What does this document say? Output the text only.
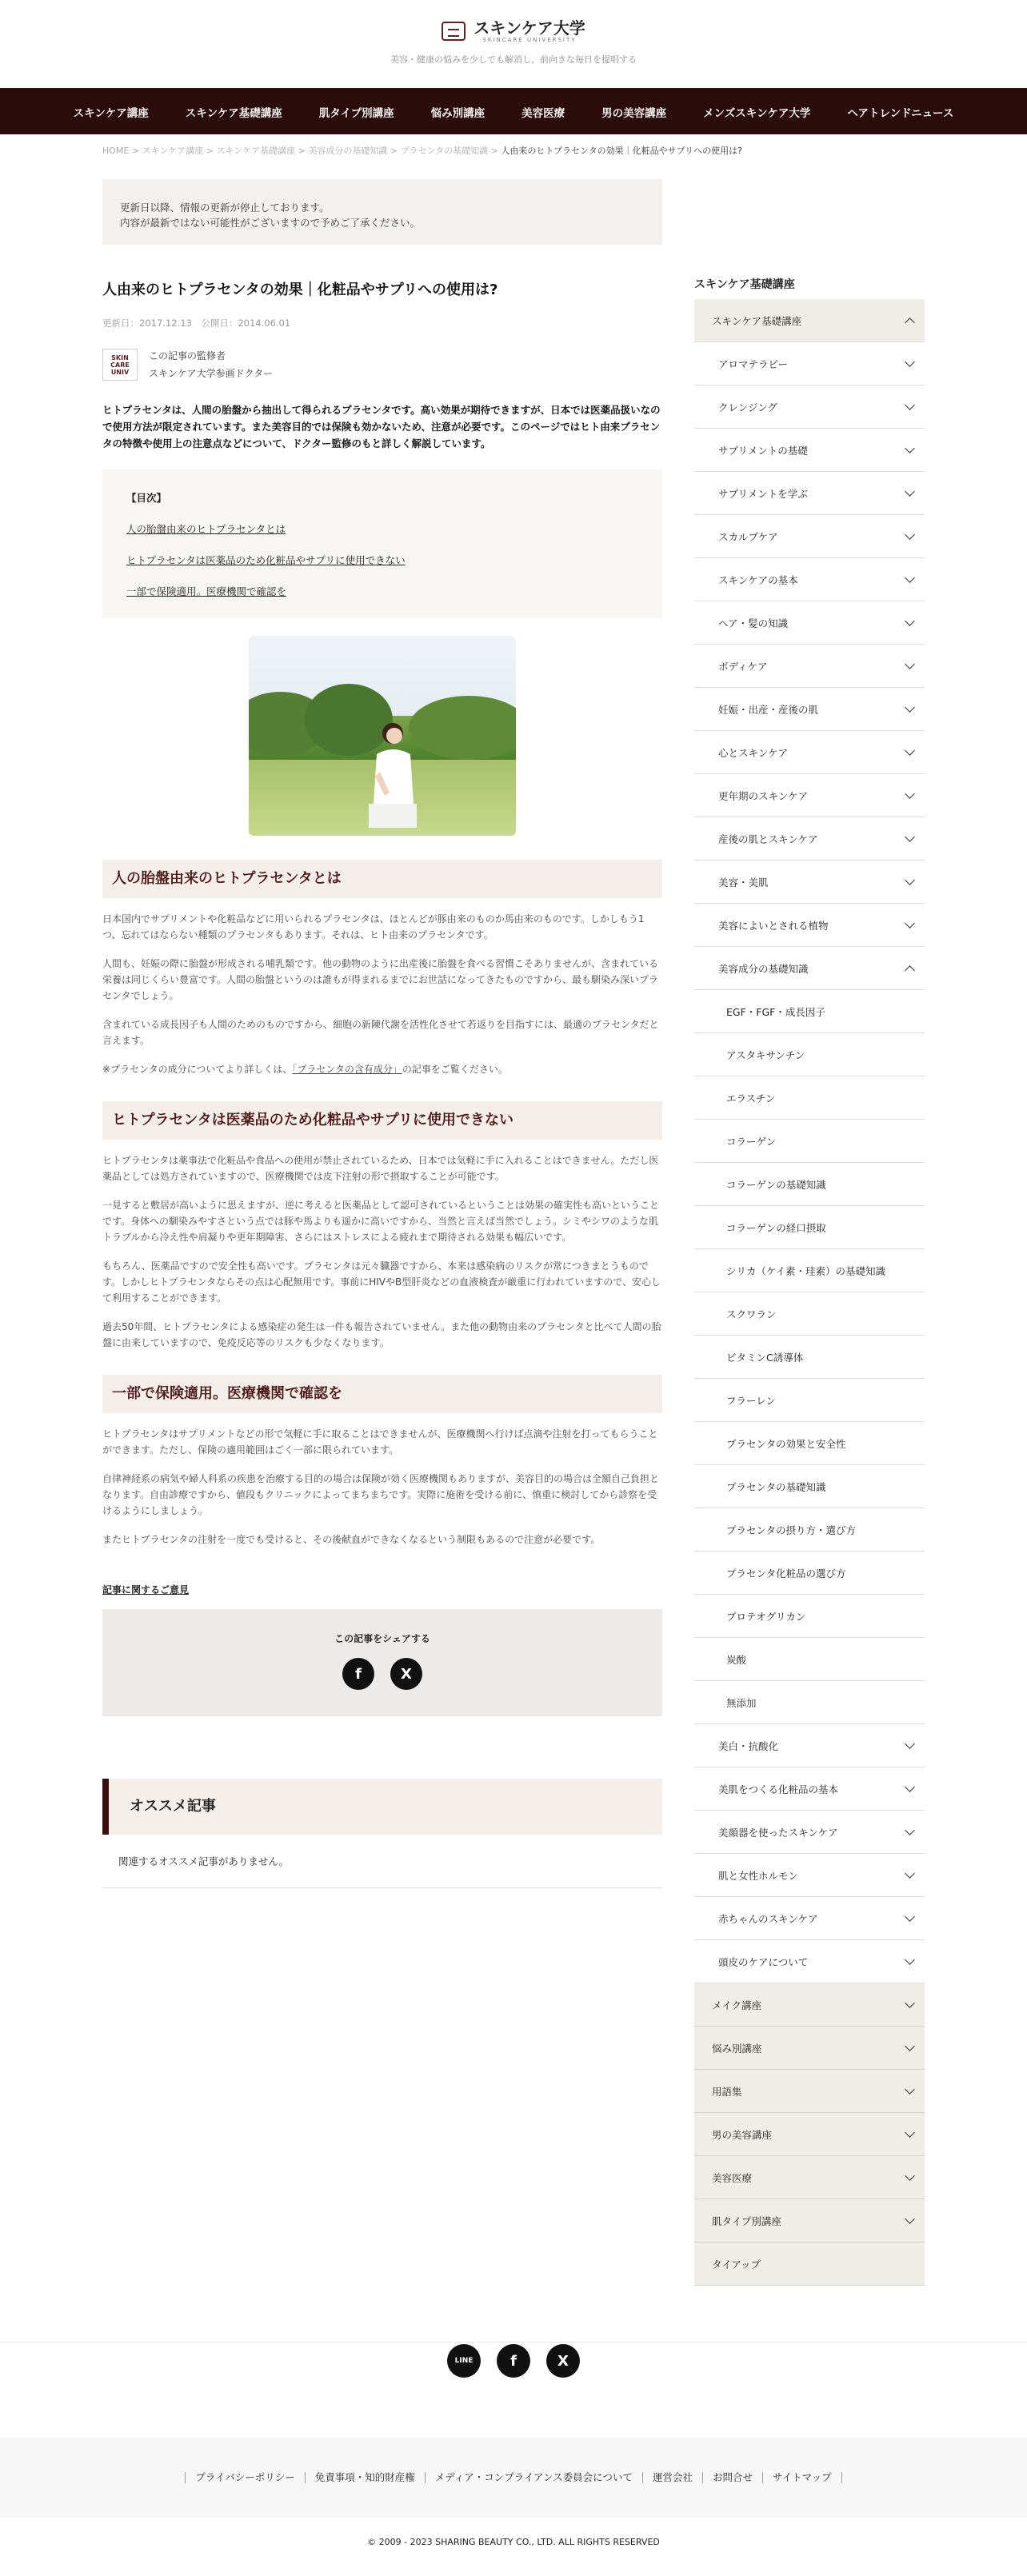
スキンケア大学
SKINCARE UNIVERSITY
美容・健康の悩みを少しでも解消し、前向きな毎日を提唱する
スキンケア講座	スキンケア基礎講座	肌タイプ別講座	悩み別講座	美容医療	男の美容講座	メンズスキンケア大学	ヘアトレンドニュース
HOME > スキンケア講座 > スキンケア基礎講座 > 美容成分の基礎知識 > プラセンタの基礎知識 > 人由来のヒトプラセンタの効果｜化粧品やサプリへの使用は?
更新日以降、情報の更新が停止しております。
内容が最新ではない可能性がございますので予めご了承ください。
人由来のヒトプラセンタの効果｜化粧品やサプリへの使用は?
更新日：2017.12.13　公開日：2014.06.01
SKIN CARE UNIV
この記事の監修者
スキンケア大学参画ドクター

ヒトプラセンタは、人間の胎盤から抽出して得られるプラセンタです。高い効果が期待できますが、日本では医薬品扱いなので使用方法が限定されています。また美容目的では保険も効かないため、注意が必要です。このページではヒト由来プラセンタの特徴や使用上の注意点などについて、ドクター監修のもと詳しく解説しています。

【目次】
人の胎盤由来のヒトプラセンタとは
ヒトプラセンタは医薬品のため化粧品やサプリに使用できない
一部で保険適用。医療機関で確認を
人の胎盤由来のヒトプラセンタとは

日本国内でサプリメントや化粧品などに用いられるプラセンタは、ほとんどが豚由来のものか馬由来のものです。しかしもう1つ、忘れてはならない種類のプラセンタもあります。それは、ヒト由来のプラセンタです。

人間も、妊娠の際に胎盤が形成される哺乳類です。他の動物のように出産後に胎盤を食べる習慣こそありませんが、含まれている栄養は同じくらい豊富です。人間の胎盤というのは誰もが得まれるまでにお世話になってきたものですから、最も馴染み深いプラセンタでしょう。

含まれている成長因子も人間のためのものですから、細胞の新陳代謝を活性化させて若返りを目指すには、最適のプラセンタだと言えます。

※プラセンタの成分についてより詳しくは、「プラセンタの含有成分」の記事をご覧ください。

ヒトプラセンタは医薬品のため化粧品やサプリに使用できない

ヒトプラセンタは薬事法で化粧品や食品への使用が禁止されているため、日本では気軽に手に入れることはできません。ただし医薬品としては処方されていますので、医療機関では皮下注射の形で摂取することが可能です。

一見すると敷居が高いように思えますが、逆に考えると医薬品として認可されているということは効果の確実性も高いということです。身体への馴染みやすさという点では豚や馬よりも遥かに高いですから、当然と言えば当然でしょう。シミやシワのような肌トラブルから冷え性や肩凝りや更年期障害、さらにはストレスによる疲れまで期待される効果も幅広いです。

もちろん、医薬品ですので安全性も高いです。プラセンタは元々臓器ですから、本来は感染病のリスクが常につきまとうものです。しかしヒトプラセンタならその点は心配無用です。事前にHIVやB型肝炎などの血液検査が厳重に行われていますので、安心して利用することができます。

過去50年間、ヒトプラセンタによる感染症の発生は一件も報告されていません。また他の動物由来のプラセンタと比べて人間の胎盤に由来していますので、免疫反応等のリスクも少なくなります。

一部で保険適用。医療機関で確認を

ヒトプラセンタはサプリメントなどの形で気軽に手に取ることはできませんが、医療機関へ行けば点滴や注射を打ってもらうことができます。ただし、保険の適用範囲はごく一部に限られています。

自律神経系の病気や婦人科系の疾患を治療する目的の場合は保険が効く医療機関もありますが、美容目的の場合は全額自己負担となります。自由診療ですから、値段もクリニックによってまちまちです。実際に施術を受ける前に、慎重に検討してから診察を受けるようにしましょう。

またヒトプラセンタの注射を一度でも受けると、その後献血ができなくなるという制限もあるので注意が必要です。

記事に関するご意見
この記事をシェアする
f	X
オススメ記事
関連するオススメ記事がありません。
スキンケア基礎講座
スキンケア基礎講座
アロマテラピー
クレンジング
サプリメントの基礎
サプリメントを学ぶ
スカルプケア
スキンケアの基本
ヘア・髪の知識
ボディケア
妊娠・出産・産後の肌
心とスキンケア
更年期のスキンケア
産後の肌とスキンケア
美容・美肌
美容によいとされる植物
美容成分の基礎知識
EGF・FGF・成長因子
アスタキサンチン
エラスチン
コラーゲン
コラーゲンの基礎知識
コラーゲンの経口摂取
シリカ（ケイ素・珪素）の基礎知識
スクワラン
ビタミンC誘導体
フラーレン
プラセンタの効果と安全性
プラセンタの基礎知識
プラセンタの摂り方・選び方
プラセンタ化粧品の選び方
プロテオグリカン
炭酸
無添加
美白・抗酸化
美肌をつくる化粧品の基本
美顔器を使ったスキンケア
肌と女性ホルモン
赤ちゃんのスキンケア
頭皮のケアについて
メイク講座
悩み別講座
用語集
男の美容講座
美容医療
肌タイプ別講座
タイアップ
LINE	f	X
プライバシーポリシー	免責事項・知的財産権	メディア・コンプライアンス委員会について	運営会社	お問合せ	サイトマップ
© 2009 - 2023 SHARING BEAUTY CO., LTD. ALL RIGHTS RESERVED
